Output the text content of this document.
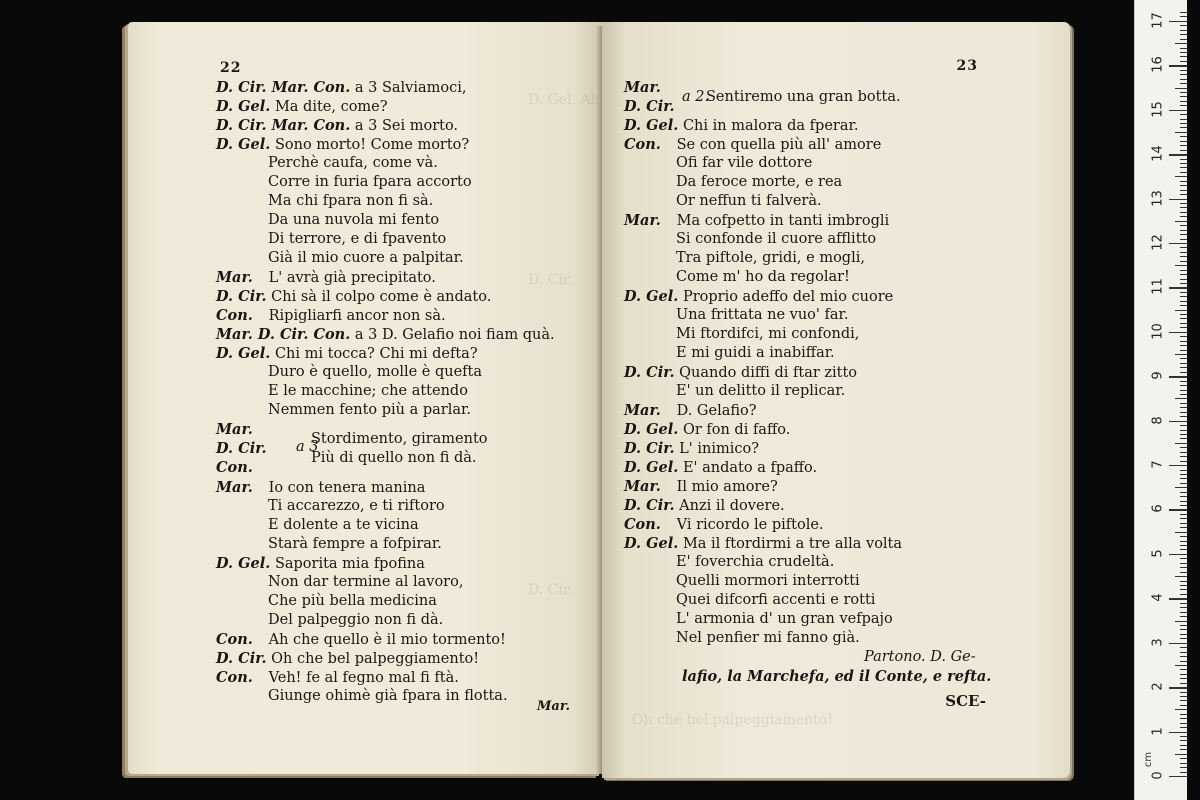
D. Gel. Ah
D. Cir.
D. Cir.
22
D. Cir. Mar. Con. a 3 Salviamoci,
D. Gel. Ma dite, come?
D. Cir. Mar. Con. a 3 Sei morto.
D. Gel. Sono morto! Come morto?
Perchè caufa, come và.
Corre in furia fpara accorto
Ma chi fpara non fi sà.
Da una nuvola mi fento
Di terrore, e di fpavento
Già il mio cuore a palpitar.
Mar. L' avrà già precipitato.
D. Cir. Chi sà il colpo come è andato.
Con. Ripigliarfi ancor non sà.
Mar. D. Cir. Con. a 3 D. Gelafio noi fiam quà.
D. Gel. Chi mi tocca? Chi mi defta?
Duro è quello, molle è quefta
E le macchine; che attendo
Nemmen fento più a parlar.
Mar.
D. Cir.
Con.
a 3
Stordimento, giramento
Più di quello non fi dà.
Mar. Io con tenera manina
Ti accarezzo, e ti riftoro
E dolente a te vicina
Starà fempre a fofpirar.
D. Gel. Saporita mia fpofina
Non dar termine al lavoro,
Che più bella medicina
Del palpeggio non fi dà.
Con. Ah che quello è il mio tormento!
D. Cir. Oh che bel palpeggiamento!
Con. Veh! fe al fegno mal fi ftà.
Giunge ohimè già fpara in flotta.
Mar.
Oh che bel palpeggiamento!
23
Mar.
D. Cir.
a 2.
Sentiremo una gran botta.
D. Gel. Chi in malora da fperar.
Con. Se con quella più all' amore
Ofi far vile dottore
Da feroce morte, e rea
Or neffun ti falverà.
Mar. Ma cofpetto in tanti imbrogli
Si confonde il cuore afflitto
Tra piftole, gridi, e mogli,
Come m' ho da regolar!
D. Gel. Proprio adeffo del mio cuore
Una frittata ne vuo' far.
Mi ftordifci, mi confondi,
E mi guidi a inabiffar.
D. Cir. Quando diffi di ftar zitto
E' un delitto il replicar.
Mar. D. Gelafio?
D. Gel. Or fon di faffo.
D. Cir. L' inimico?
D. Gel. E' andato a fpaffo.
Mar. Il mio amore?
D. Cir. Anzi il dovere.
Con. Vi ricordo le piftole.
D. Gel. Ma il ftordirmi a tre alla volta
E' foverchia crudeltà.
Quelli mormori interrotti
Quei difcorfi accenti e rotti
L' armonia d' un gran vefpajo
Nel penfier mi fanno già.
Partono. D. Ge-
lafio, la Marchefa, ed il Conte, e refta.
SCE-
0
1
2
3
4
5
6
7
8
9
10
11
12
13
14
15
16
17
cm
